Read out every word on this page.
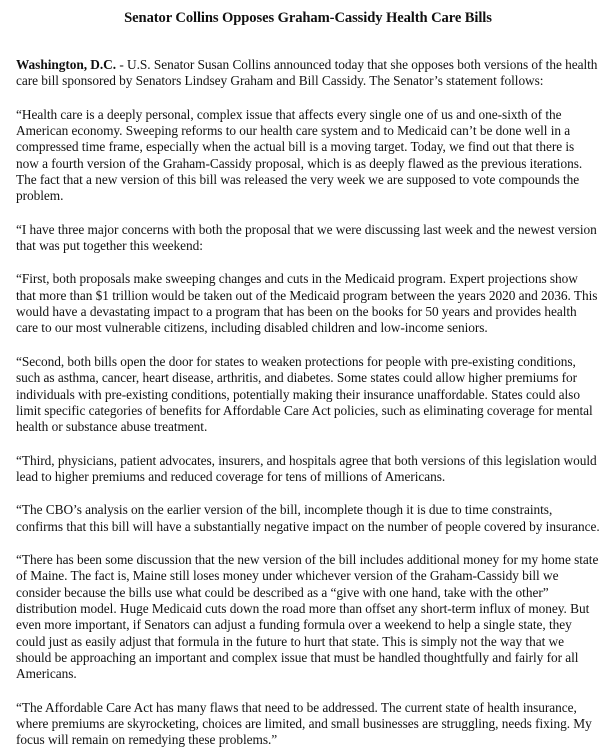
Senator Collins Opposes Graham-Cassidy Health Care Bills

Washington, D.C. - U.S. Senator Susan Collins announced today that she opposes both versions of the health care bill sponsored by Senators Lindsey Graham and Bill Cassidy. The Senator’s statement follows:

“Health care is a deeply personal, complex issue that affects every single one of us and one-sixth of the American economy. Sweeping reforms to our health care system and to Medicaid can’t be done well in a compressed time frame, especially when the actual bill is a moving target. Today, we find out that there is now a fourth version of the Graham-Cassidy proposal, which is as deeply flawed as the previous iterations. The fact that a new version of this bill was released the very week we are supposed to vote compounds the problem.

“I have three major concerns with both the proposal that we were discussing last week and the newest version that was put together this weekend:

“First, both proposals make sweeping changes and cuts in the Medicaid program. Expert projections show that more than $1 trillion would be taken out of the Medicaid program between the years 2020 and 2036. This would have a devastating impact to a program that has been on the books for 50 years and provides health care to our most vulnerable citizens, including disabled children and low-income seniors.

“Second, both bills open the door for states to weaken protections for people with pre-existing conditions, such as asthma, cancer, heart disease, arthritis, and diabetes. Some states could allow higher premiums for individuals with pre-existing conditions, potentially making their insurance unaffordable. States could also limit specific categories of benefits for Affordable Care Act policies, such as eliminating coverage for mental health or substance abuse treatment.

“Third, physicians, patient advocates, insurers, and hospitals agree that both versions of this legislation would lead to higher premiums and reduced coverage for tens of millions of Americans.

“The CBO’s analysis on the earlier version of the bill, incomplete though it is due to time constraints, confirms that this bill will have a substantially negative impact on the number of people covered by insurance.

“There has been some discussion that the new version of the bill includes additional money for my home state of Maine. The fact is, Maine still loses money under whichever version of the Graham-Cassidy bill we consider because the bills use what could be described as a “give with one hand, take with the other” distribution model. Huge Medicaid cuts down the road more than offset any short-term influx of money. But even more important, if Senators can adjust a funding formula over a weekend to help a single state, they could just as easily adjust that formula in the future to hurt that state. This is simply not the way that we should be approaching an important and complex issue that must be handled thoughtfully and fairly for all Americans.

“The Affordable Care Act has many flaws that need to be addressed. The current state of health insurance, where premiums are skyrocketing, choices are limited, and small businesses are struggling, needs fixing. My focus will remain on remedying these problems.”
